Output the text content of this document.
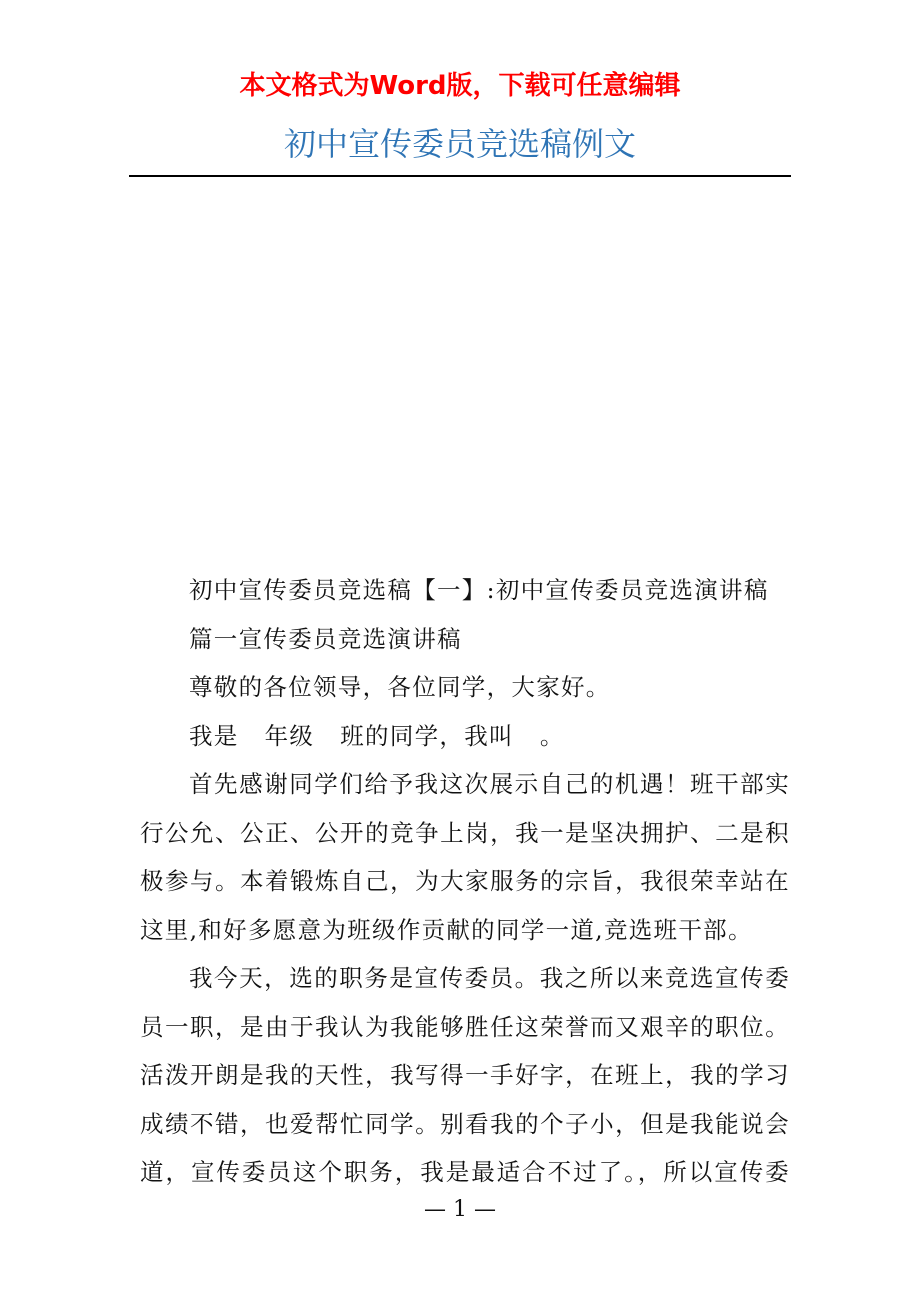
本文格式为Word版，下载可任意编辑

初中宣传委员竞选稿例文

初中宣传委员竞选稿【一】:初中宣传委员竞选演讲稿

篇一宣传委员竞选演讲稿

尊敬的各位领导，各位同学，大家好。

我是 年级 班的同学，我叫 。

首先感谢同学们给予我这次展示自己的机遇！班干部实行公允、公正、公开的竞争上岗，我一是坚决拥护、二是积极参与。本着锻炼自己，为大家服务的宗旨，我很荣幸站在这里,和好多愿意为班级作贡献的同学一道,竞选班干部。

我今天，选的职务是宣传委员。我之所以来竞选宣传委员一职，是由于我认为我能够胜任这荣誉而又艰辛的职位。活泼开朗是我的天性，我写得一手好字，在班上，我的学习成绩不错，也爱帮忙同学。别看我的个子小，但是我能说会道，宣传委员这个职务，我是最适合不过了。，所以宣传委

— 1 —
